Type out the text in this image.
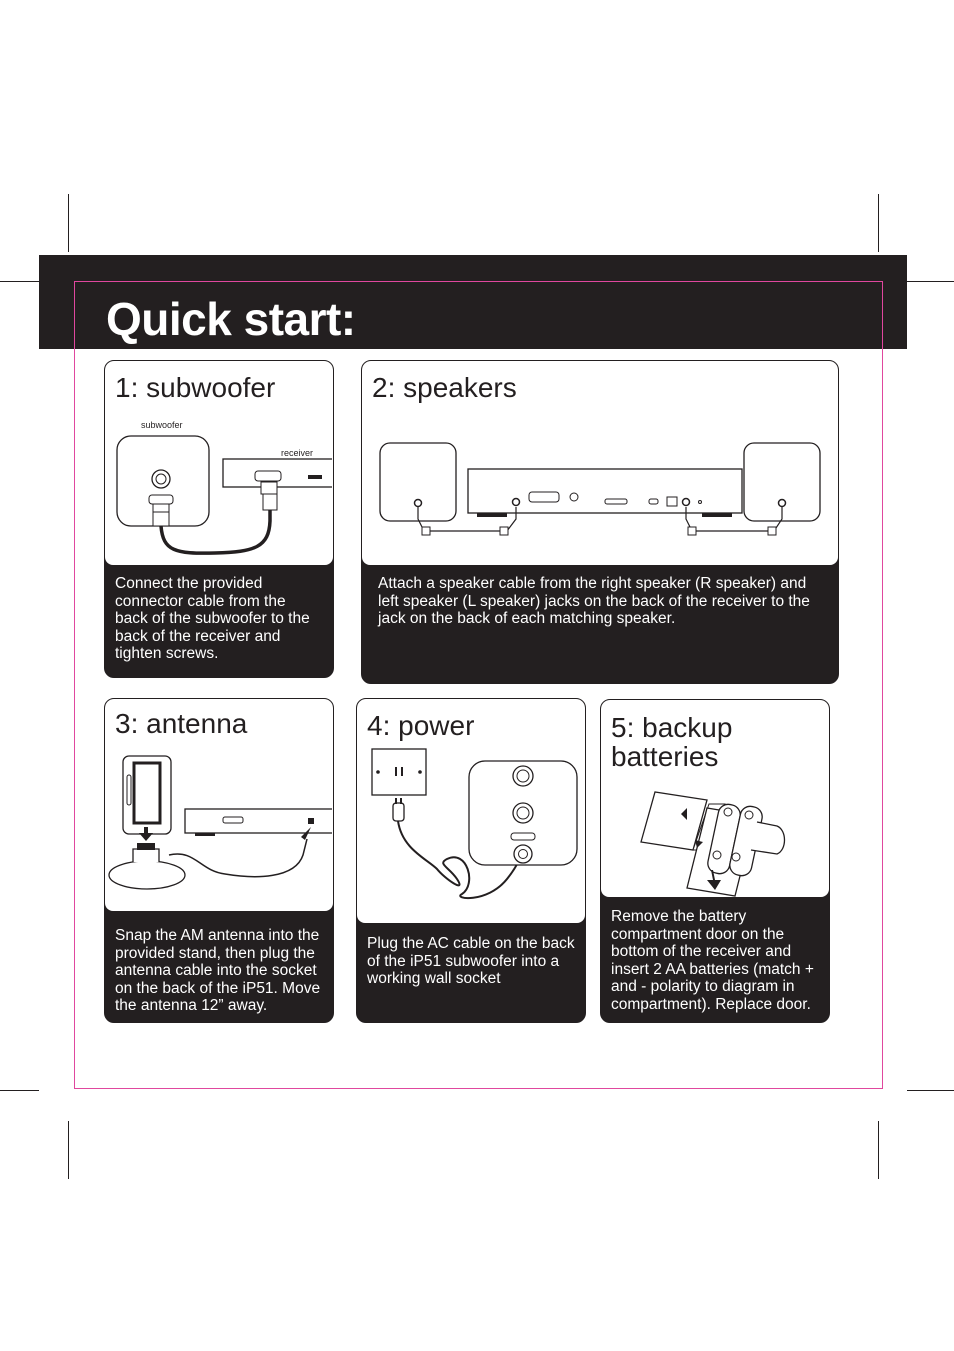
Quick start:
subwoofer
receiver

1: subwoofer

Connect the provided connector cable from the back of the subwoofer to the back of the receiver and tighten screws.

2: speakers

Attach a speaker cable from the right speaker (R speaker) and left speaker (L speaker) jacks on the back of the receiver to the jack on the back of each matching speaker.

3: antenna

Snap the AM antenna into the provided stand, then plug the antenna cable into the socket on the back of the iP51. Move the antenna 12” away.

4: power

Plug the AC cable on the back of the iP51 subwoofer into a working wall socket

5: backup
batteries

Remove the battery compartment door on the bottom of the receiver and insert 2 AA batteries (match + and - polarity to diagram in compartment). Replace door.
